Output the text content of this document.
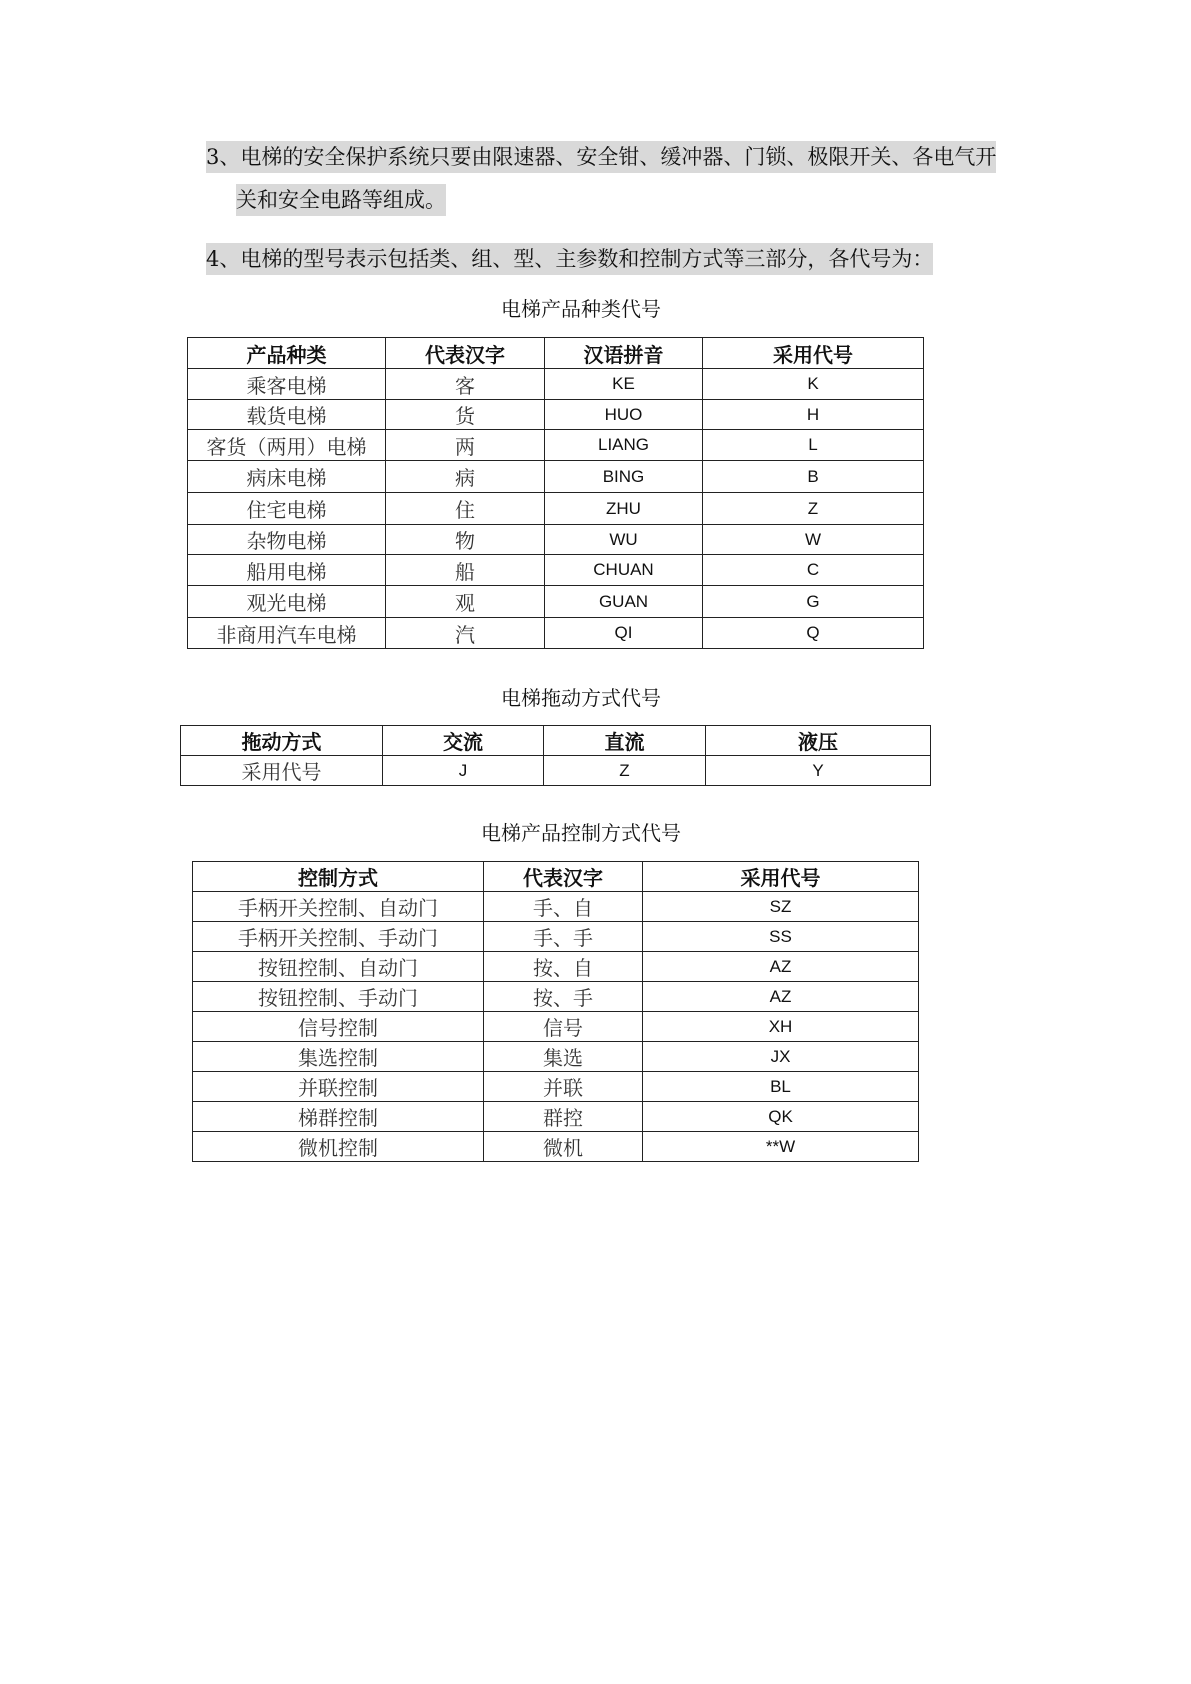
3、电梯的安全保护系统只要由限速器、安全钳、缓冲器、门锁、极限开关、各电气开
关和安全电路等组成。
4、电梯的型号表示包括类、组、型、主参数和控制方式等三部分，各代号为：
电梯产品种类代号
产品种类	代表汉字	汉语拼音	采用代号
乘客电梯	客	KE	K
载货电梯	货	HUO	H
客货（两用）电梯	两	LIANG	L
病床电梯	病	BING	B
住宅电梯	住	ZHU	Z
杂物电梯	物	WU	W
船用电梯	船	CHUAN	C
观光电梯	观	GUAN	G
非商用汽车电梯	汽	QI	Q
电梯拖动方式代号
拖动方式	交流	直流	液压
采用代号	J	Z	Y
电梯产品控制方式代号
控制方式	代表汉字	采用代号
手柄开关控制、自动门	手、自	SZ
手柄开关控制、手动门	手、手	SS
按钮控制、自动门	按、自	AZ
按钮控制、手动门	按、手	AZ
信号控制	信号	XH
集选控制	集选	JX
并联控制	并联	BL
梯群控制	群控	QK
微机控制	微机	**W
